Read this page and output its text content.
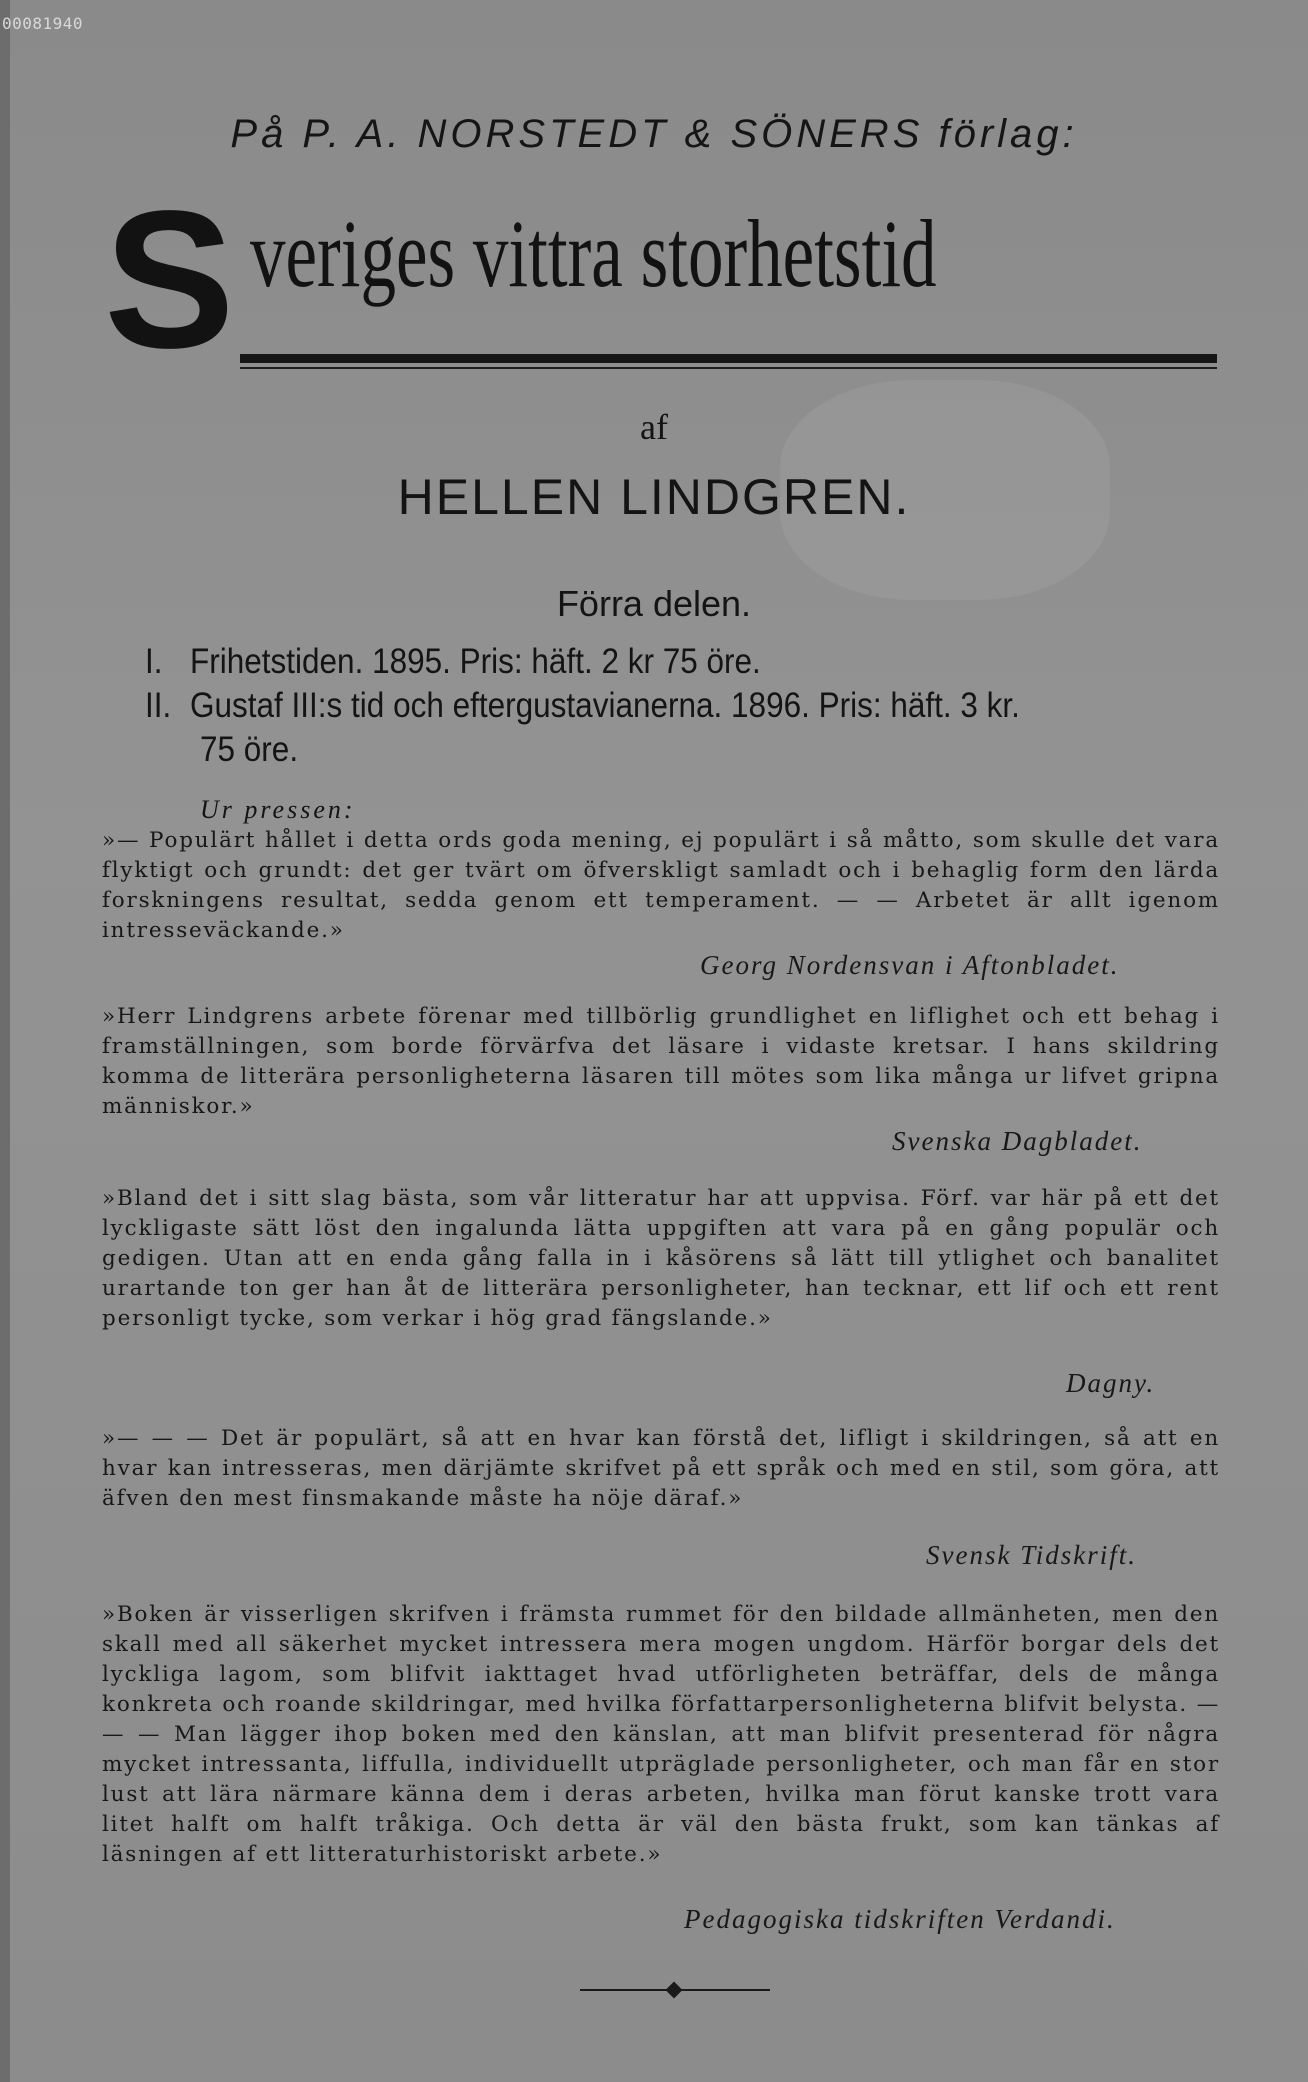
00081940
På P. A. NORSTEDT & SÖNERS förlag:
S veriges vittra storhetstid
af
HELLEN LINDGREN.
Förra delen.
I. Frihetstiden. 1895. Pris: häft. 2 kr 75 öre.
II. Gustaf III:s tid och eftergustavianerna. 1896. Pris: häft. 3 kr.
75 öre.
Ur pressen:
»— Populärt hållet i detta ords goda mening, ej populärt i så måtto, som skulle det vara flyktigt och grundt: det ger tvärt om öfverskligt samladt och i behaglig form den lärda forskningens resultat, sedda genom ett temperament. — — Arbetet är allt igenom intresseväckande.»
Georg Nordensvan i Aftonbladet.
»Herr Lindgrens arbete förenar med tillbörlig grundlighet en liflighet och ett behag i framställningen, som borde förvärfva det läsare i vidaste kretsar. I hans skildring komma de litterära personligheterna läsaren till mötes som lika många ur lifvet gripna människor.»
Svenska Dagbladet.
»Bland det i sitt slag bästa, som vår litteratur har att uppvisa. Förf. var här på ett det lyckligaste sätt löst den ingalunda lätta uppgiften att vara på en gång populär och gedigen. Utan att en enda gång falla in i kåsörens så lätt till ytlighet och banalitet urartande ton ger han åt de litterära personligheter, han tecknar, ett lif och ett rent personligt tycke, som verkar i hög grad fängslande.»
Dagny.
»— — — Det är populärt, så att en hvar kan förstå det, lifligt i skildringen, så att en hvar kan intresseras, men därjämte skrifvet på ett språk och med en stil, som göra, att äfven den mest finsmakande måste ha nöje däraf.»
Svensk Tidskrift.
»Boken är visserligen skrifven i främsta rummet för den bildade allmänheten, men den skall med all säkerhet mycket intressera mera mogen ungdom. Härför borgar dels det lyckliga lagom, som blifvit iakttaget hvad utförligheten beträffar, dels de många konkreta och roande skildringar, med hvilka författarpersonligheterna blifvit belysta. — — — Man lägger ihop boken med den känslan, att man blifvit presenterad för några mycket intressanta, liffulla, individuellt utpräglade personligheter, och man får en stor lust att lära närmare känna dem i deras arbeten, hvilka man förut kanske trott vara litet halft om halft tråkiga. Och detta är väl den bästa frukt, som kan tänkas af läsningen af ett litteraturhistoriskt arbete.»
Pedagogiska tidskriften Verdandi.
